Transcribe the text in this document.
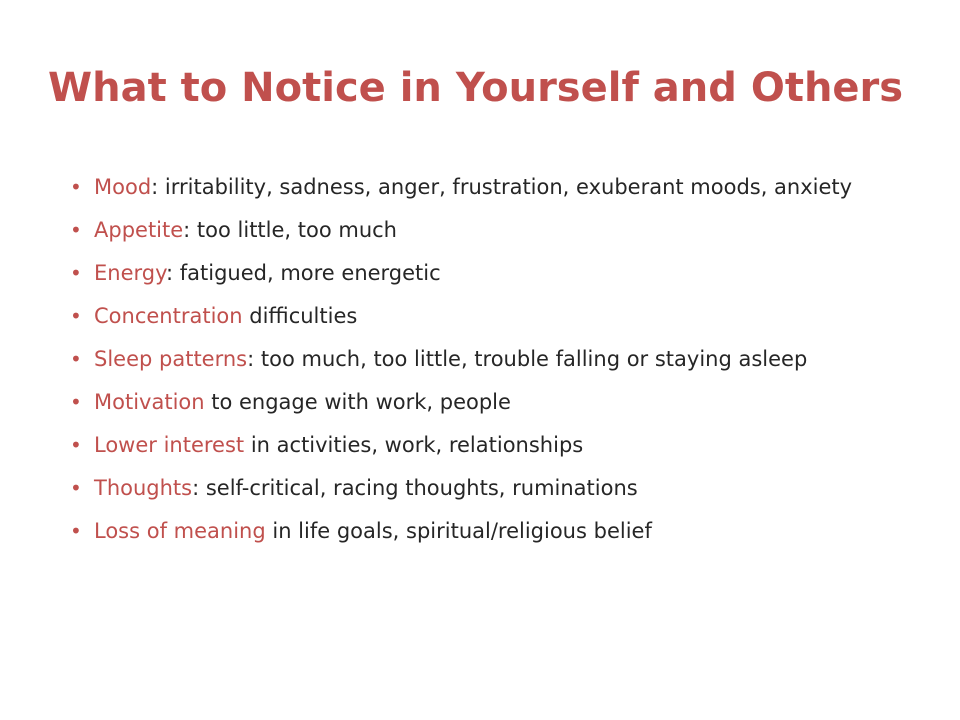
What to Notice in Yourself and Others
• Mood: irritability, sadness, anger, frustration, exuberant moods, anxiety
• Appetite: too little, too much
• Energy: fatigued, more energetic
• Concentration difficulties
• Sleep patterns: too much, too little, trouble falling or staying asleep
• Motivation to engage with work, people
• Lower interest in activities, work, relationships
• Thoughts: self-critical, racing thoughts, ruminations
• Loss of meaning in life goals, spiritual/religious belief
